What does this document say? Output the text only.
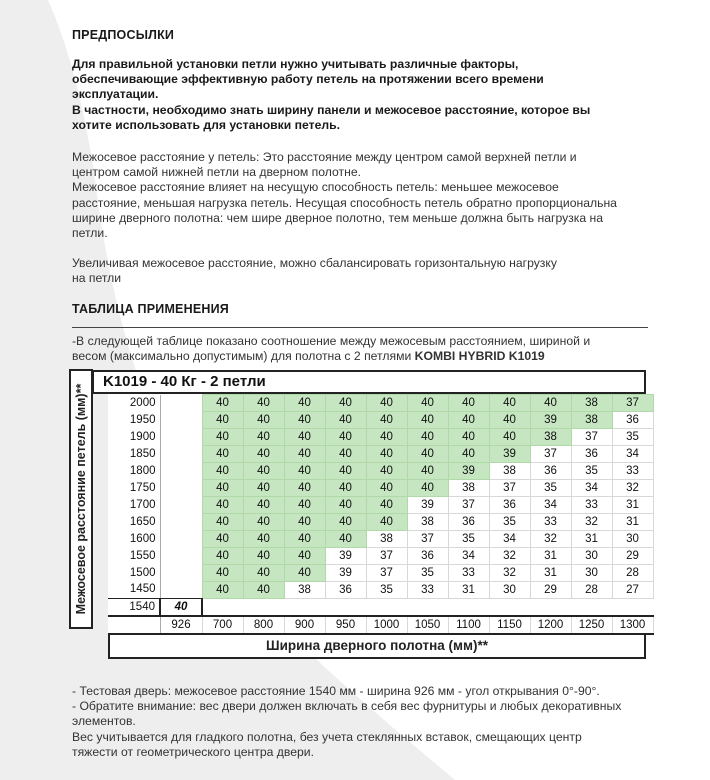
ПРЕДПОСЫЛКИ
Для правильной установки петли нужно учитывать различные факторы,
обеспечивающие эффективную работу петель на протяжении всего времени
эксплуатации.
В частности, необходимо знать ширину панели и межосевое расстояние, которое вы
хотите использовать для установки петель.
Межосевое расстояние у петель: Это расстояние между центром самой верхней петли и
центром самой нижней петли на дверном полотне.
Межосевое расстояние влияет на несущую способность петель: меньшее межосевое
расстояние, меньшая нагрузка петель. Несущая способность петель обратно пропорциональна
ширине дверного полотна: чем шире дверное полотно, тем меньше должна быть нагрузка на
петли.
Увеличивая межосевое расстояние, можно сбалансировать горизонтальную нагрузку
на петли
ТАБЛИЦА ПРИМЕНЕНИЯ
-В следующей таблице показано соотношение между межосевым расстоянием, шириной и
весом (максимально допустимым) для полотна с 2 петлями KOMBI HYBRID K1019
Межосевое расстояние петель (мм)**
K1019 - 40 Кг - 2 петли
2000		40	40	40	40	40	40	40	40	40	38	37
1950		40	40	40	40	40	40	40	40	39	38	36
1900		40	40	40	40	40	40	40	40	38	37	35
1850		40	40	40	40	40	40	40	39	37	36	34
1800		40	40	40	40	40	40	39	38	36	35	33
1750		40	40	40	40	40	40	38	37	35	34	32
1700		40	40	40	40	40	39	37	36	34	33	31
1650		40	40	40	40	40	38	36	35	33	32	31
1600		40	40	40	40	38	37	35	34	32	31	30
1550		40	40	40	39	37	36	34	32	31	30	29
1500		40	40	40	39	37	35	33	32	31	30	28
1450		40	40	38	36	35	33	31	30	29	28	27
1540	40											
	926	700	800	900	950	1000	1050	1100	1150	1200	1250	1300
Ширина дверного полотна (мм)**
- Тестовая дверь: межосевое расстояние 1540 мм - ширина 926 мм - угол открывания 0°-90°.
- Обратите внимание: вес двери должен включать в себя вес фурнитуры и любых декоративных
элементов.
Вес учитывается для гладкого полотна, без учета стеклянных вставок, смещающих центр
тяжести от геометрического центра двери.
